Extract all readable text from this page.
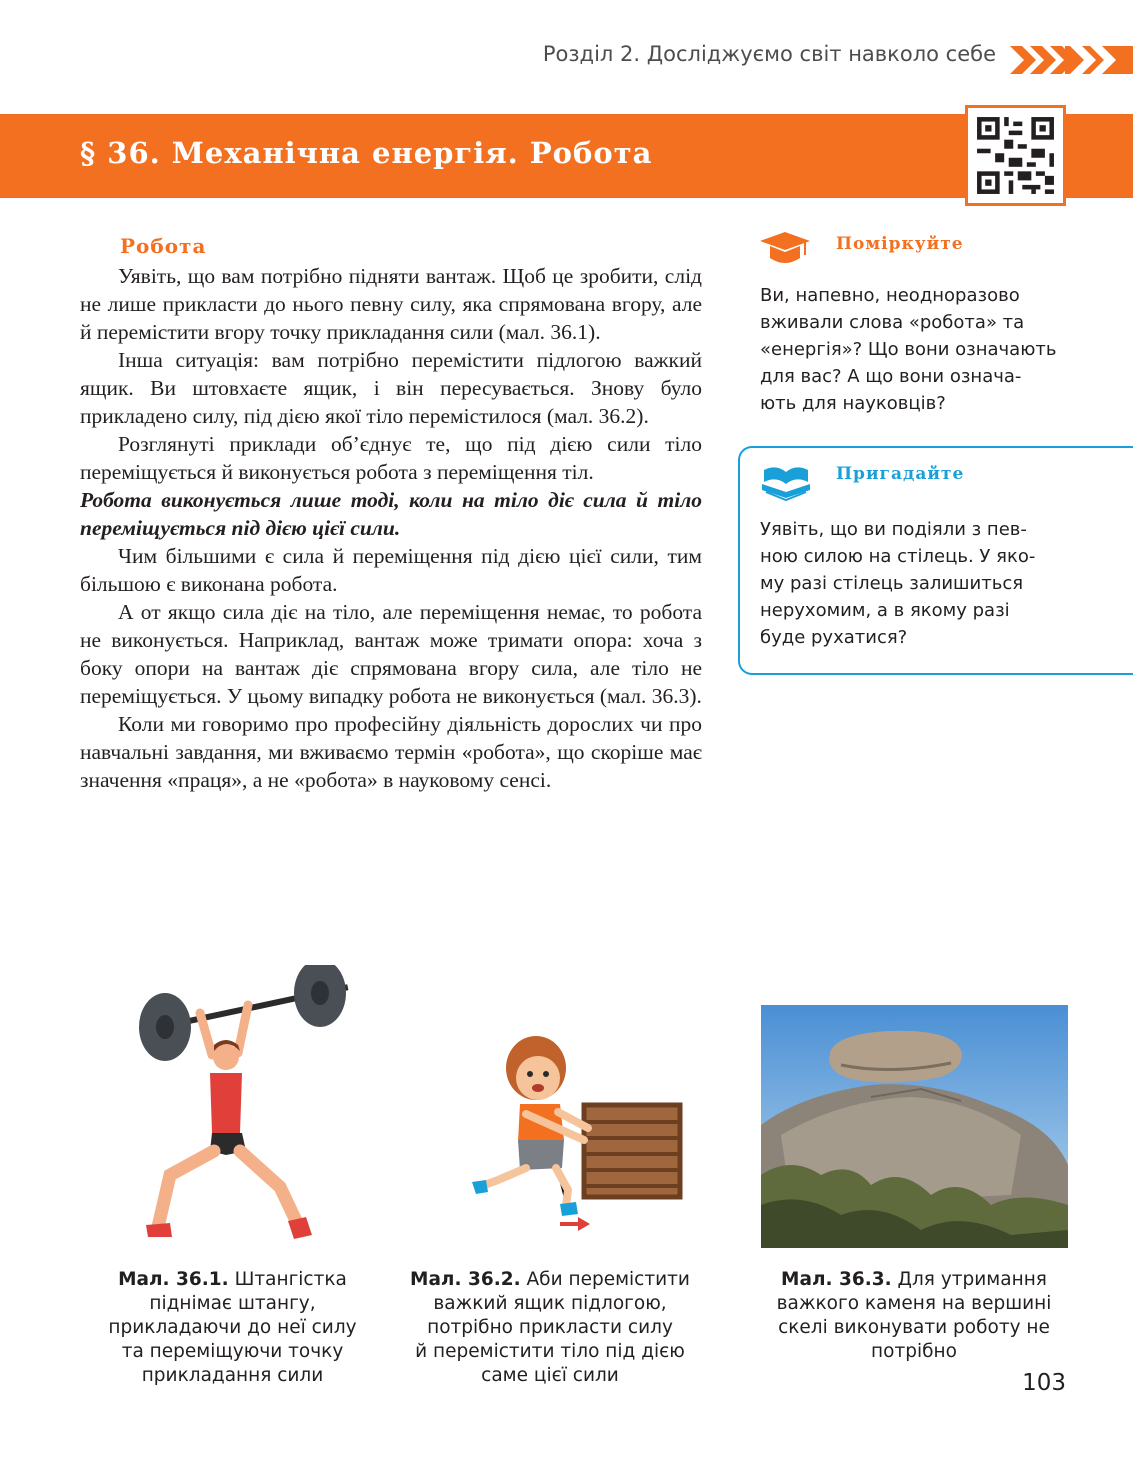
Розділ 2. Досліджуємо світ навколо себе
§ 36. Механічна енергія. Робота
Робота

Уявіть, що вам потрібно підняти вантаж. Щоб це зробити, слід не лише прикласти до нього певну силу, яка спрямована вгору, але й перемістити вгору точку прикладання сили (мал. 36.1).

Інша ситуація: вам потрібно перемістити підлогою важкий ящик. Ви штовхаєте ящик, і він пересувається. Знову було прикладено силу, під дією якої тіло перемістилося (мал. 36.2).

Розглянуті приклади об’єднує те, що під дією сили тіло переміщується й виконується робота з переміщення тіл.

Робота виконується лише тоді, коли на тіло діє сила й тіло переміщується під дією цієї сили.

Чим більшими є сила й переміщення під дією цієї сили, тим більшою є виконана робота.

А от якщо сила діє на тіло, але переміщення немає, то робота не виконується. Наприклад, вантаж може тримати опора: хоча з боку опори на вантаж діє спрямована вгору сила, але тіло не переміщується. У цьому випадку робота не виконується (мал. 36.3).

Коли ми говоримо про професійну діяльність дорослих чи про навчальні завдання, ми вживаємо термін «робота», що скоріше має значення «праця», а не «робота» в науковому сенсі.

Поміркуйте
Ви, напевно, неодноразово
вживали слова «робота» та
«енергія»? Що вони означають
для вас? А що вони означа-
ють для науковців?
Пригадайте
Уявіть, що ви подіяли з пев-
ною силою на стілець. У яко-
му разі стілець залишиться
нерухомим, а в якому разі
буде рухатися?
Мал. 36.1. Штангістка
піднімає штангу,
прикладаючи до неї силу
та переміщуючи точку
прикладання сили
Мал. 36.2. Аби перемістити
важкий ящик підлогою,
потрібно прикласти силу
й перемістити тіло під дією
саме цієї сили
Мал. 36.3. Для утримання
важкого каменя на вершині
скелі виконувати роботу не
потрібно
103
